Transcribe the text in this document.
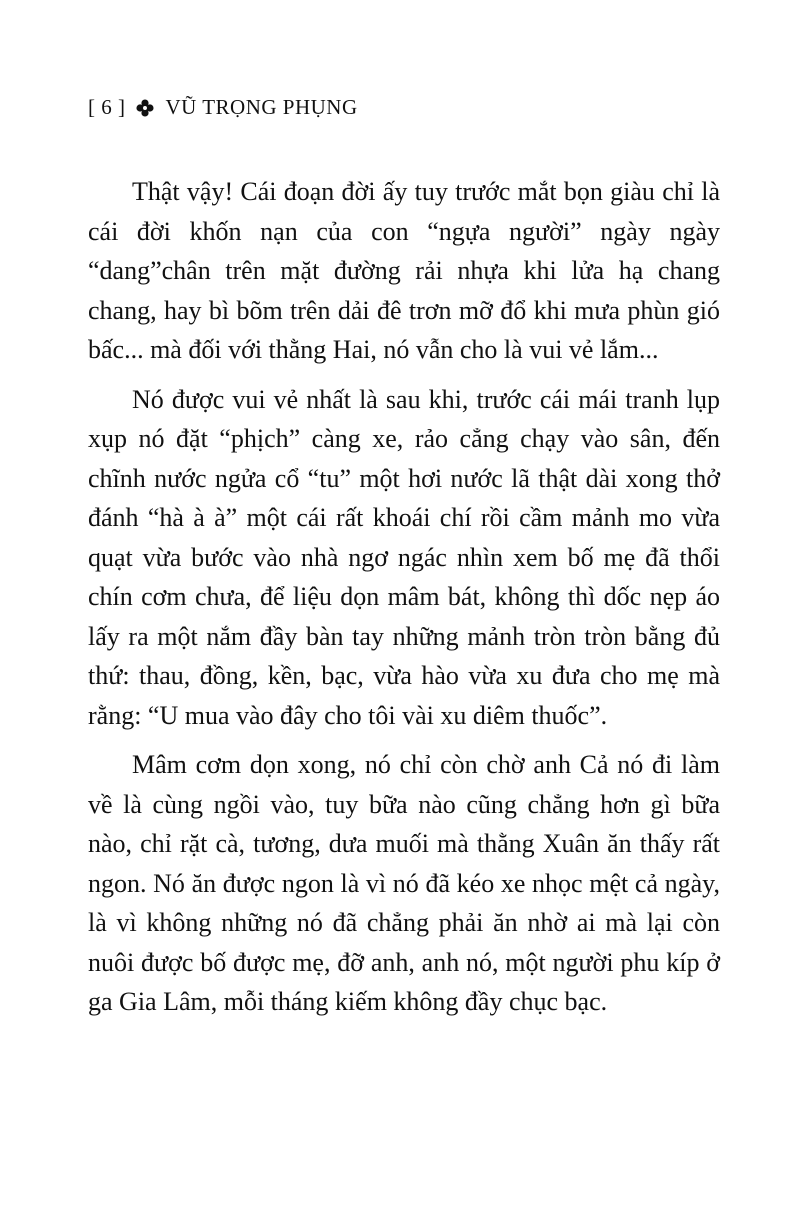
[ 6 ] VŨ TRỌNG PHỤNG

Thật vậy! Cái đoạn đời ấy tuy trước mắt bọn giàu chỉ là cái đời khốn nạn của con “ngựa người” ngày ngày “dang”chân trên mặt đường rải nhựa khi lửa hạ chang chang, hay bì bõm trên dải đê trơn mỡ đổ khi mưa phùn gió bấc... mà đối với thằng Hai, nó vẫn cho là vui vẻ lắm...

Nó được vui vẻ nhất là sau khi, trước cái mái tranh lụp xụp nó đặt “phịch” càng xe, rảo cẳng chạy vào sân, đến chĩnh nước ngửa cổ “tu” một hơi nước lã thật dài xong thở đánh “hà à à” một cái rất khoái chí rồi cầm mảnh mo vừa quạt vừa bước vào nhà ngơ ngác nhìn xem bố mẹ đã thổi chín cơm chưa, để liệu dọn mâm bát, không thì dốc nẹp áo lấy ra một nắm đầy bàn tay những mảnh tròn tròn bằng đủ thứ: thau, đồng, kền, bạc, vừa hào vừa xu đưa cho mẹ mà rằng: “U mua vào đây cho tôi vài xu diêm thuốc”.

Mâm cơm dọn xong, nó chỉ còn chờ anh Cả nó đi làm về là cùng ngồi vào, tuy bữa nào cũng chẳng hơn gì bữa nào, chỉ rặt cà, tương, dưa muối mà thằng Xuân ăn thấy rất ngon. Nó ăn được ngon là vì nó đã kéo xe nhọc mệt cả ngày, là vì không những nó đã chẳng phải ăn nhờ ai mà lại còn nuôi được bố được mẹ, đỡ anh, anh nó, một người phu kíp ở ga Gia Lâm, mỗi tháng kiếm không đầy chục bạc.
